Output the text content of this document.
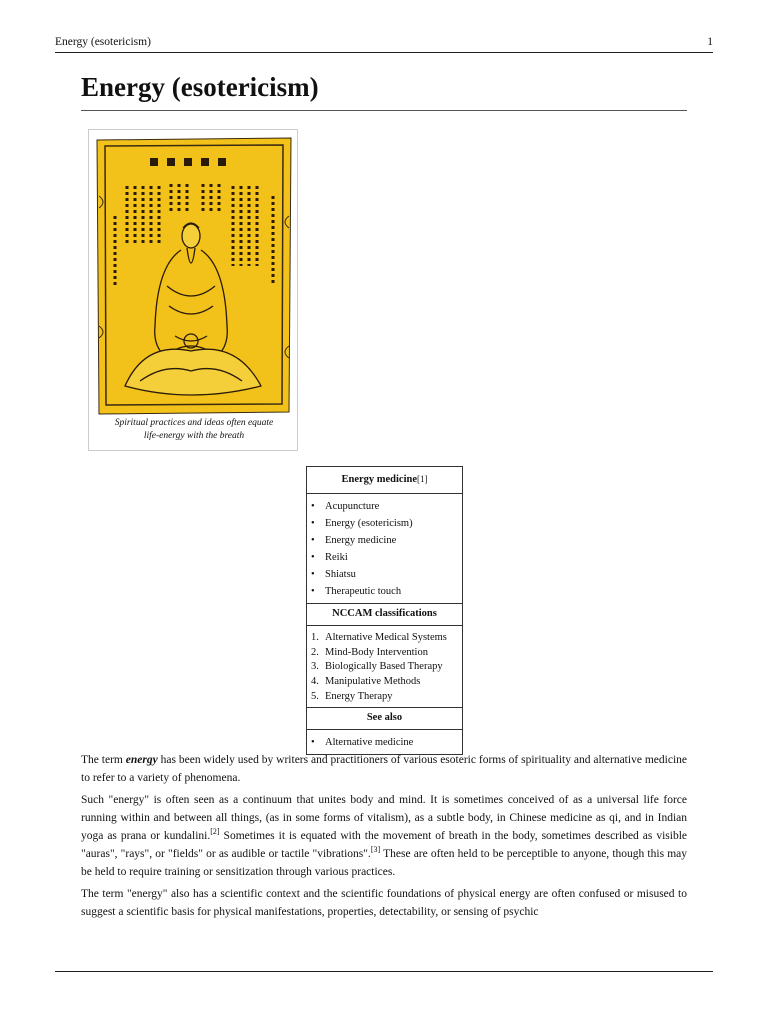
Energy (esotericism)	1
Energy (esotericism)
Spiritual practices and ideas often equate
life-energy with the breath
Energy medicine[1]
• Acupuncture
• Energy (esotericism)
• Energy medicine
• Reiki
• Shiatsu
• Therapeutic touch
NCCAM classifications
1. Alternative Medical Systems
2. Mind-Body Intervention
3. Biologically Based Therapy
4. Manipulative Methods
5. Energy Therapy
See also
• Alternative medicine

The term energy has been widely used by writers and practitioners of various esoteric forms of spirituality and alternative medicine to refer to a variety of phenomena.

Such "energy" is often seen as a continuum that unites body and mind. It is sometimes conceived of as a universal life force running within and between all things, (as in some forms of vitalism), as a subtle body, in Chinese medicine as qi, and in Indian yoga as prana or kundalini.[2] Sometimes it is equated with the movement of breath in the body, sometimes described as visible "auras", "rays", or "fields" or as audible or tactile "vibrations".[3] These are often held to be perceptible to anyone, though this may be held to require training or sensitization through various practices.

The term "energy" also has a scientific context and the scientific foundations of physical energy are often confused or misused to suggest a scientific basis for physical manifestations, properties, detectability, or sensing of psychic
